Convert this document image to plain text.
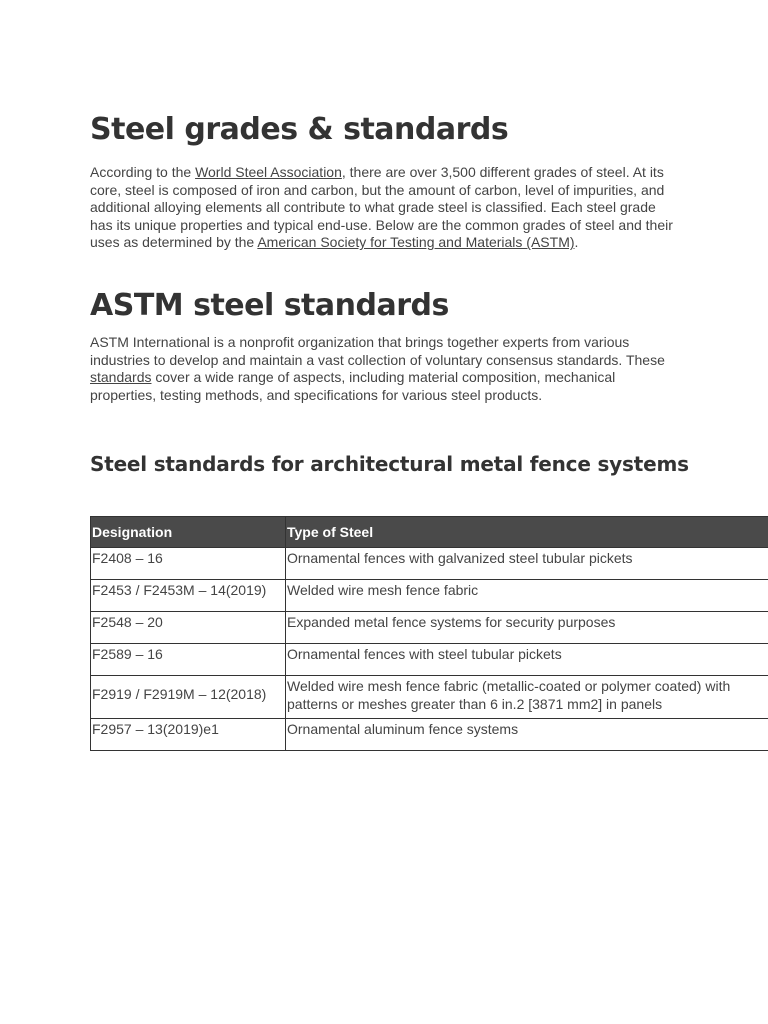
Steel grades & standards

According to the World Steel Association, there are over 3,500 different grades of steel. At its core, steel is composed of iron and carbon, but the amount of carbon, level of impurities, and additional alloying elements all contribute to what grade steel is classified. Each steel grade has its unique properties and typical end-use. Below are the common grades of steel and their uses as determined by the American Society for Testing and Materials (ASTM).

ASTM steel standards

ASTM International is a nonprofit organization that brings together experts from various industries to develop and maintain a vast collection of voluntary consensus standards. These standards cover a wide range of aspects, including material composition, mechanical properties, testing methods, and specifications for various steel products.

Steel standards for architectural metal fence systems
Designation	Type of Steel
F2408 – 16	Ornamental fences with galvanized steel tubular pickets
F2453 / F2453M – 14(2019)	Welded wire mesh fence fabric
F2548 – 20	Expanded metal fence systems for security purposes
F2589 – 16	Ornamental fences with steel tubular pickets

F2919 / F2919M – 12(2018)	Welded wire mesh fence fabric (metallic-coated or polymer coated) with
patterns or meshes greater than 6 in.2 [3871 mm2] in panels

F2957 – 13(2019)e1	Ornamental aluminum fence systems
